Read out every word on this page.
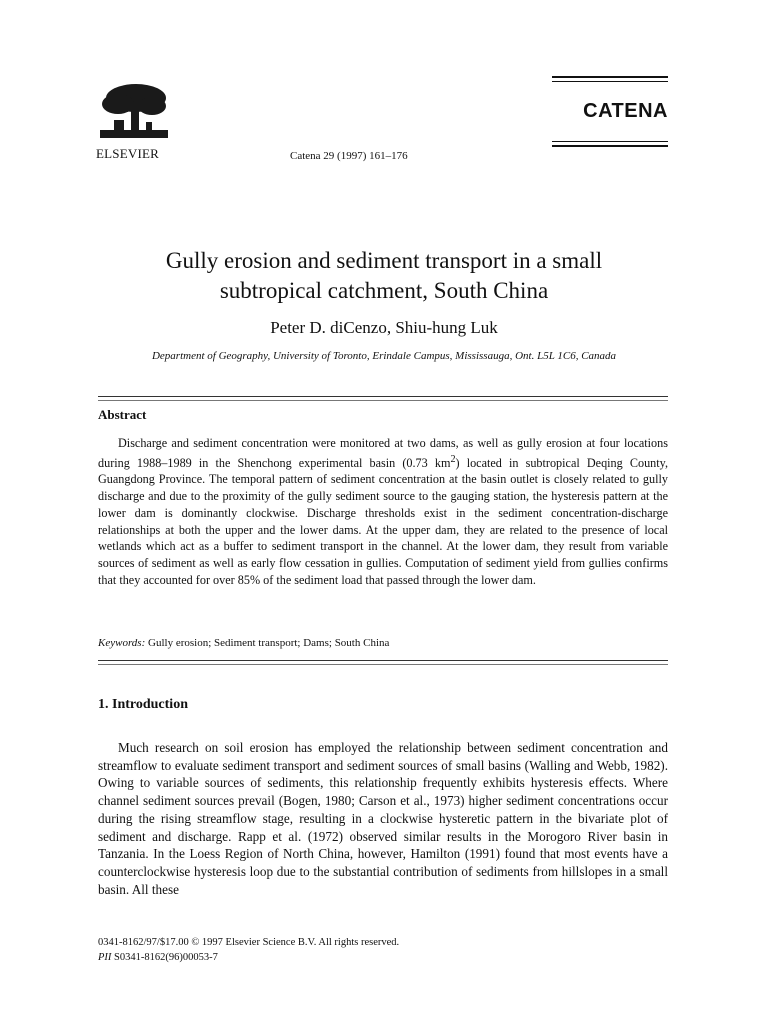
ELSEVIER	Catena 29 (1997) 161–176
CATENA
Gully erosion and sediment transport in a small
subtropical catchment, South China
Peter D. diCenzo, Shiu-hung Luk
Department of Geography, University of Toronto, Erindale Campus, Mississauga, Ont. L5L 1C6, Canada
Abstract
Discharge and sediment concentration were monitored at two dams, as well as gully erosion at four locations during 1988–1989 in the Shenchong experimental basin (0.73 $km^2$) located in subtropical Deqing County, Guangdong Province. The temporal pattern of sediment concentration at the basin outlet is closely related to gully discharge and due to the proximity of the gully sediment source to the gauging station, the hysteresis pattern at the lower dam is dominantly clockwise. Discharge thresholds exist in the sediment concentration-discharge relationships at both the upper and the lower dams. At the upper dam, they are related to the presence of local wetlands which act as a buffer to sediment transport in the channel. At the lower dam, they result from variable sources of sediment as well as early flow cessation in gullies. Computation of sediment yield from gullies confirms that they accounted for over 85% of the sediment load that passed through the lower dam.
Keywords: Gully erosion; Sediment transport; Dams; South China
1. Introduction
Much research on soil erosion has employed the relationship between sediment concentration and streamflow to evaluate sediment transport and sediment sources of small basins (Walling and Webb, 1982). Owing to variable sources of sediments, this relationship frequently exhibits hysteresis effects. Where channel sediment sources prevail (Bogen, 1980; Carson et al., 1973) higher sediment concentrations occur during the rising streamflow stage, resulting in a clockwise hysteretic pattern in the bivariate plot of sediment and discharge. Rapp et al. (1972) observed similar results in the Morogoro River basin in Tanzania. In the Loess Region of North China, however, Hamilton (1991) found that most events have a counterclockwise hysteresis loop due to the substantial contribution of sediments from hillslopes in a small basin. All these
0341-8162/97/$17.00 © 1997 Elsevier Science B.V. All rights reserved.
PII S0341-8162(96)00053-7
